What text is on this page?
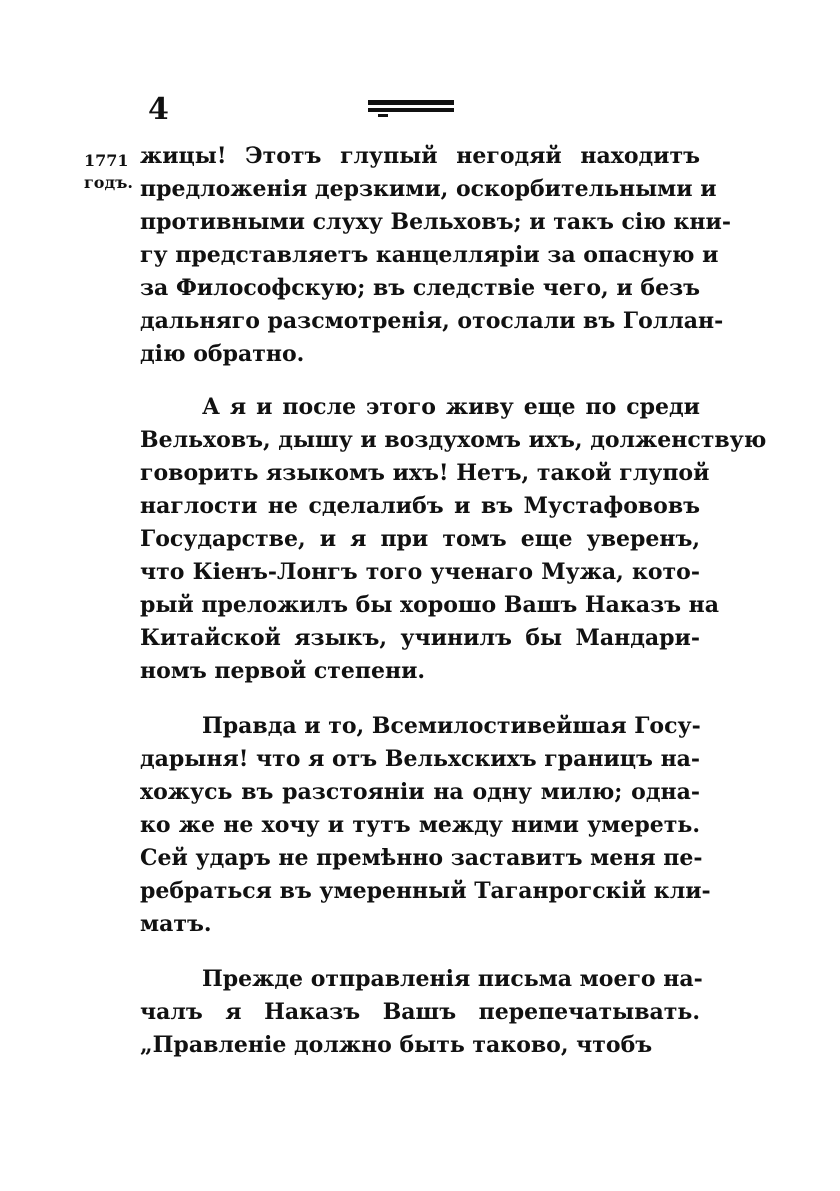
4
1771
годъ.
жицы! Этотъ глупый негодяй находитъ
предложенія дерзкими, оскорбительными и
противными слуху Вельховъ; и такъ сію кни-
гу представляетъ канцелляріи за опасную и
за Философскую; въ следствіе чего, и безъ
дальняго разсмотренія, отослали въ Голлан-
дію обратно.
А я и после этого живу еще по среди
Вельховъ, дышу и воздухомъ ихъ, долженствую
говорить языкомъ ихъ! Нетъ, такой глупой
наглости не сделалибъ и въ Мустафововъ
Государстве, и я при томъ еще увеpенъ,
что Кіенъ-Лонгъ того ученаго Мужа, кото-
рый преложилъ бы хорошо Вашъ Наказъ на
Китайской языкъ, учинилъ бы Мандари-
номъ первой степени.
Правда и то, Всемилостивейшая Госу-
дарыня! что я отъ Вельхскихъ границъ на-
хожусь въ разстояніи на одну милю; одна-
ко же не хочу и тутъ между ними умереть.
Сей ударъ не премѣнно заставитъ меня пе-
ребраться въ умеренный Таганрогскій кли-
матъ.
Прежде отправленія письма моего на-
чалъ я Наказъ Вашъ перепечатывать.
„Правленіе должно быть таково, чтобъ
